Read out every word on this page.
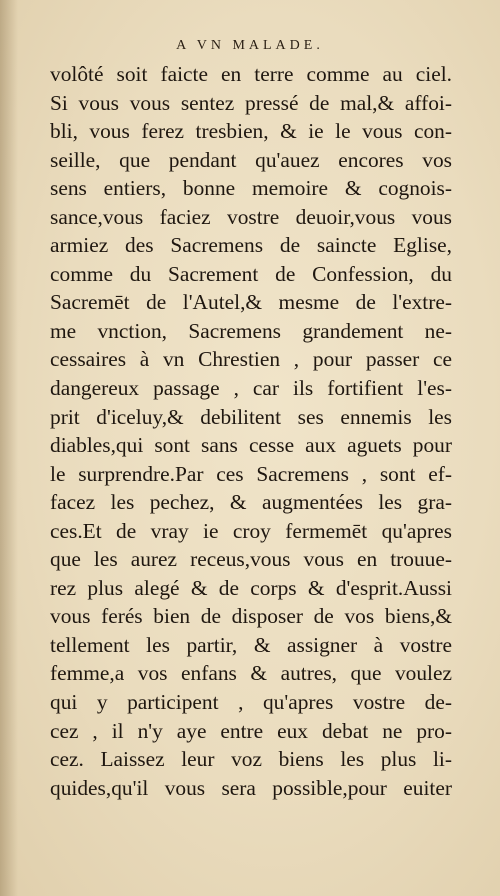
A VN MALADE.
volôté soit faicte en terre comme au ciel.
Si vous vous sentez pressé de mal,& affoi-
bli, vous ferez tresbien, & ie le vous con-
seille, que pendant qu'auez encores vos
sens entiers, bonne memoire & cognois-
sance,vous faciez vostre deuoir,vous vous
armiez des Sacremens de saincte Eglise,
comme du Sacrement de Confession, du
Sacremēt de l'Autel,& mesme de l'extre-
me vnction, Sacremens grandement ne-
cessaires à vn Chrestien , pour passer ce
dangereux passage , car ils fortifient l'es-
prit d'iceluy,& debilitent ses ennemis les
diables,qui sont sans cesse aux aguets pour
le surprendre.Par ces Sacremens , sont ef-
facez les pechez, & augmentées les gra-
ces.Et de vray ie croy fermemēt qu'apres
que les aurez receus,vous vous en trouue-
rez plus alegé & de corps & d'esprit.Aussi
vous ferés bien de disposer de vos biens,&
tellement les partir, & assigner à vostre
femme,a vos enfans & autres, que voulez
qui y participent , qu'apres vostre de-
cez , il n'y aye entre eux debat ne pro-
cez. Laissez leur voz biens les plus li-
quides,qu'il vous sera possible,pour euiter
